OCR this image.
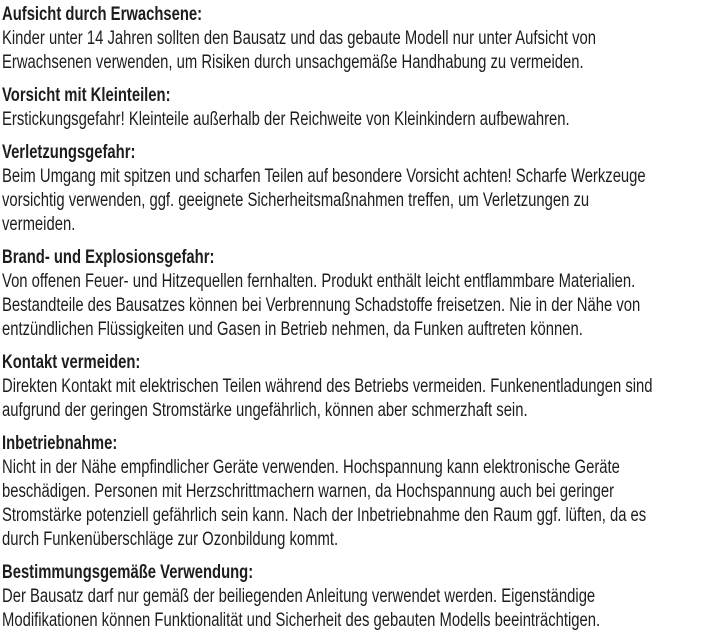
Aufsicht durch Erwachsene:
Kinder unter 14 Jahren sollten den Bausatz und das gebaute Modell nur unter Aufsicht von
Erwachsenen verwenden, um Risiken durch unsachgemäße Handhabung zu vermeiden.
Vorsicht mit Kleinteilen:
Erstickungsgefahr! Kleinteile außerhalb der Reichweite von Kleinkindern aufbewahren.
Verletzungsgefahr:
Beim Umgang mit spitzen und scharfen Teilen auf besondere Vorsicht achten! Scharfe Werkzeuge
vorsichtig verwenden, ggf. geeignete Sicherheitsmaßnahmen treffen, um Verletzungen zu
vermeiden.
Brand- und Explosionsgefahr:
Von offenen Feuer- und Hitzequellen fernhalten. Produkt enthält leicht entflammbare Materialien.
Bestandteile des Bausatzes können bei Verbrennung Schadstoffe freisetzen. Nie in der Nähe von
entzündlichen Flüssigkeiten und Gasen in Betrieb nehmen, da Funken auftreten können.
Kontakt vermeiden:
Direkten Kontakt mit elektrischen Teilen während des Betriebs vermeiden. Funkenentladungen sind
aufgrund der geringen Stromstärke ungefährlich, können aber schmerzhaft sein.
Inbetriebnahme:
Nicht in der Nähe empfindlicher Geräte verwenden. Hochspannung kann elektronische Geräte
beschädigen. Personen mit Herzschrittmachern warnen, da Hochspannung auch bei geringer
Stromstärke potenziell gefährlich sein kann. Nach der Inbetriebnahme den Raum ggf. lüften, da es
durch Funkenüberschläge zur Ozonbildung kommt.
Bestimmungsgemäße Verwendung:
Der Bausatz darf nur gemäß der beiliegenden Anleitung verwendet werden. Eigenständige
Modifikationen können Funktionalität und Sicherheit des gebauten Modells beeinträchtigen.
